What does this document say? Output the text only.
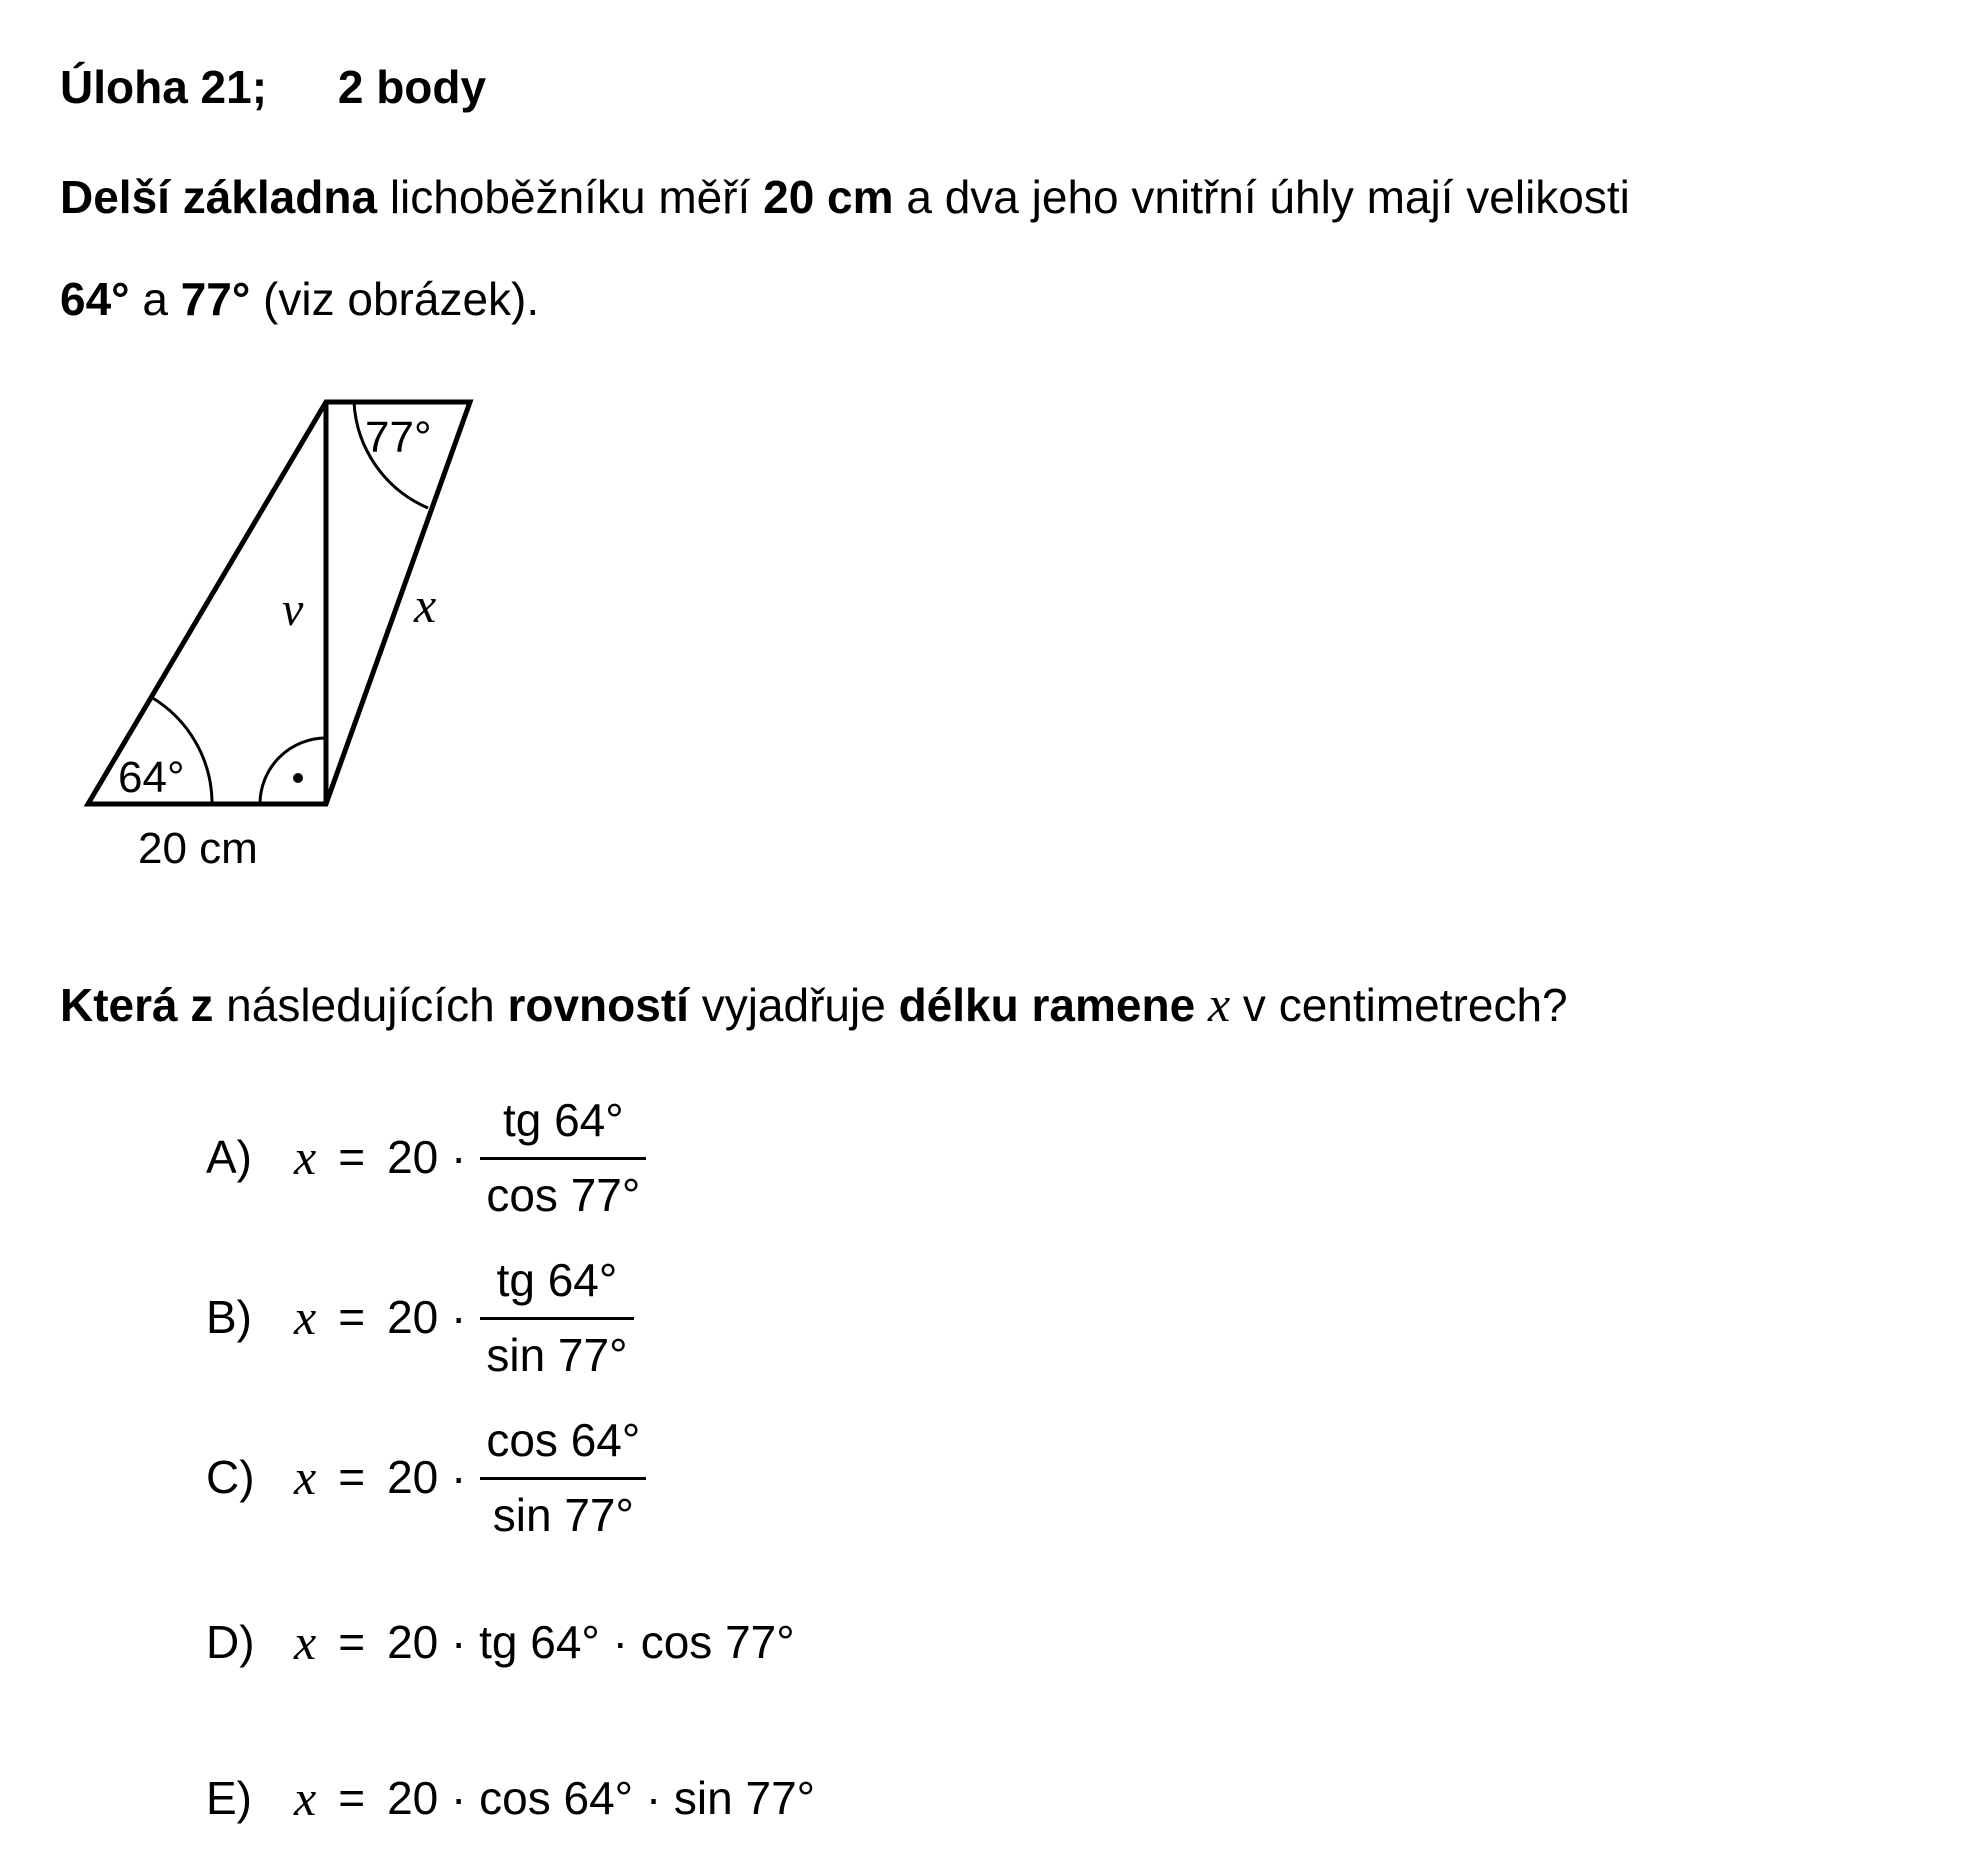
Úloha 21; 2 body
Delší základna lichoběžníku měří 20 cm a dva jeho vnitřní úhly mají velikosti
64° a 77° (viz obrázek).
77°
64°
v x
20 cm
Která z následujících rovností vyjadřuje délku ramene x v centimetrech?
A) $x = 20 \cdot \frac{tg 64^\circ}{\cos 77^\circ}$
B) $x = 20 \cdot \frac{tg 64^\circ}{\sin 77^\circ}$
C) $x = 20 \cdot \frac{\cos 64^\circ}{\sin 77^\circ}$
D) x = 20 · tg 64° · cos 77°
E) x = 20 · cos 64° · sin 77°
